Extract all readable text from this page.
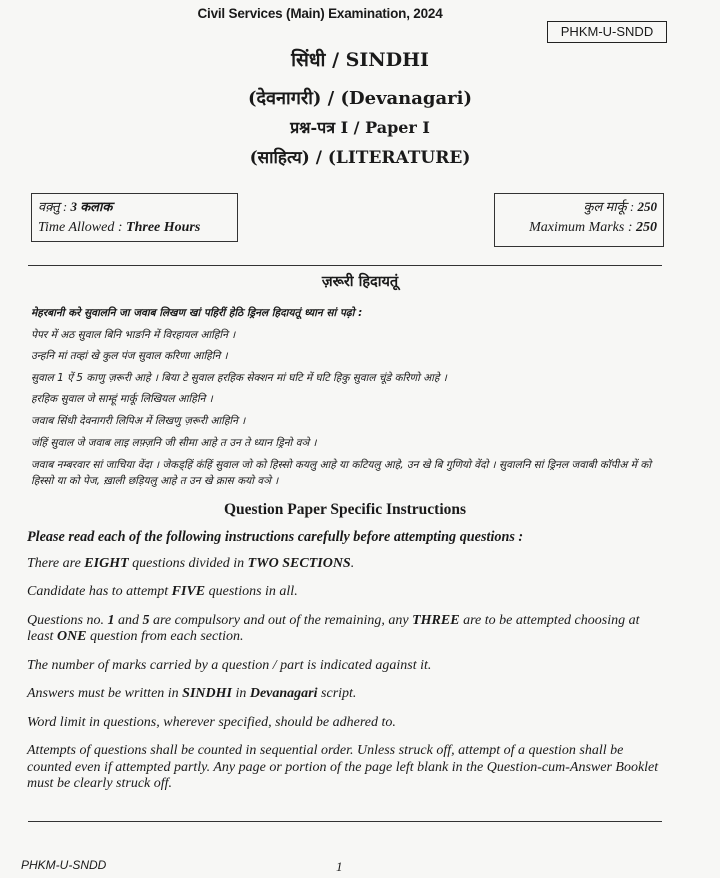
Civil Services (Main) Examination, 2024
PHKM-U-SNDD
सिंधी / SINDHI
(देवनागरी) / (Devanagari)
प्रश्न-पत्र I / Paper I
(साहित्य) / (LITERATURE)
वक़्तु : 3 कलाक
Time Allowed : Three Hours
कुल मार्कू : 250
Maximum Marks : 250
ज़रूरी हिदायतूं
मेहरबानी करे सुवालनि जा जवाब लिखण खां पहिरीं हेठि ड्रिनल हिदायतूं ध्यान सां पढ़ो :
पेपर में अठ सुवाल बिनि भाङनि में विरहायल आहिनि ।
उन्हनि मां तव्हां खे कुल पंज सुवाल करिणा आहिनि ।
सुवाल 1 ऐं 5 काणु ज़रूरी आहे । बिया टे सुवाल हरहिक सेक्शन मां घटि में घटि हिकु सुवाल चूंडे करिणो आहे ।
हरहिक सुवाल जे साम्हूं मार्कू लिखियल आहिनि ।
जवाब सिंधी देवनागरी लिपिअ में लिखणु ज़रूरी आहिनि ।
जंहिं सुवाल जे जवाब लाइ लफ़्ज़नि जी सीमा आहे त उन ते ध्यान ड्रिनो वञे ।
जवाब नम्बरवार सां जाचिया वेंदा । जेकड्हिं कंहिं सुवाल जो को हिस्सो कयलु आहे या कटियलु आहे, उन खे बि गुणियो वेंदो । सुवालनि सां ड्रिनल जवाबी कॉपीअ में को हिस्सो या को पेज, ख़ाली छड़ियलु आहे त उन खे क्रास कयो वञे ।
Question Paper Specific Instructions
Please read each of the following instructions carefully before attempting questions :
There are EIGHT questions divided in TWO SECTIONS.
Candidate has to attempt FIVE questions in all.
Questions no. 1 and 5 are compulsory and out of the remaining, any THREE are to be attempted choosing at least ONE question from each section.
The number of marks carried by a question / part is indicated against it.
Answers must be written in SINDHI in Devanagari script.
Word limit in questions, wherever specified, should be adhered to.
Attempts of questions shall be counted in sequential order. Unless struck off, attempt of a question shall be counted even if attempted partly. Any page or portion of the page left blank in the Question-cum-Answer Booklet must be clearly struck off.
PHKM-U-SNDD	1
